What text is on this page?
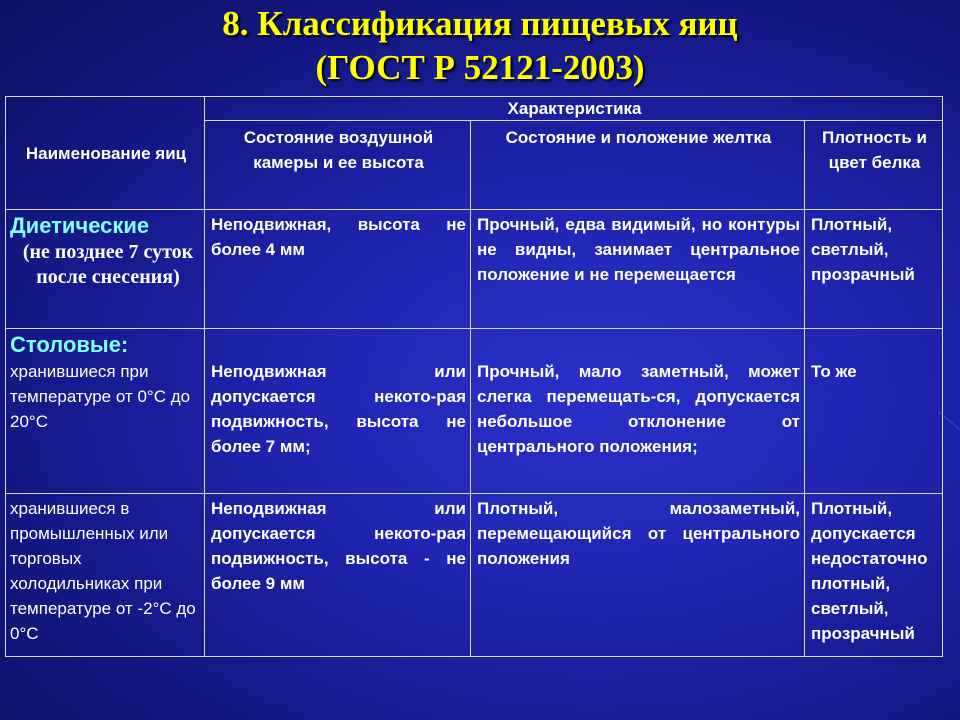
8. Классификация пищевых яиц
(ГОСТ Р 52121-2003)
Наименование яиц	Характеристика		
	Состояние воздушной камеры и ее высота	Состояние и положение желтка	Плотность и цвет белка

Диетические
(не позднее 7 суток после снесения)	Неподвижная, высота не более 4 мм	Прочный, едва видимый, но контуры не видны, занимает центральное положение и не перемещается	Плотный, светлый, прозрачный

Столовые:
хранившиеся при температуре от 0°С до 20°С	Неподвижная или допускается некото-рая подвижность, высота не более 7 мм;	Прочный, мало заметный, может слегка перемещать-ся, допускается небольшое отклонение от центрального положения;	То же
хранившиеся в промышленных или торговых холодильниках при температуре от -2°С до 0°С	Неподвижная или допускается некото-рая подвижность, высота - не более 9 мм	Плотный, малозаметный, перемещающийся от центрального положения	Плотный, допускается недостаточно плотный, светлый, прозрачный
